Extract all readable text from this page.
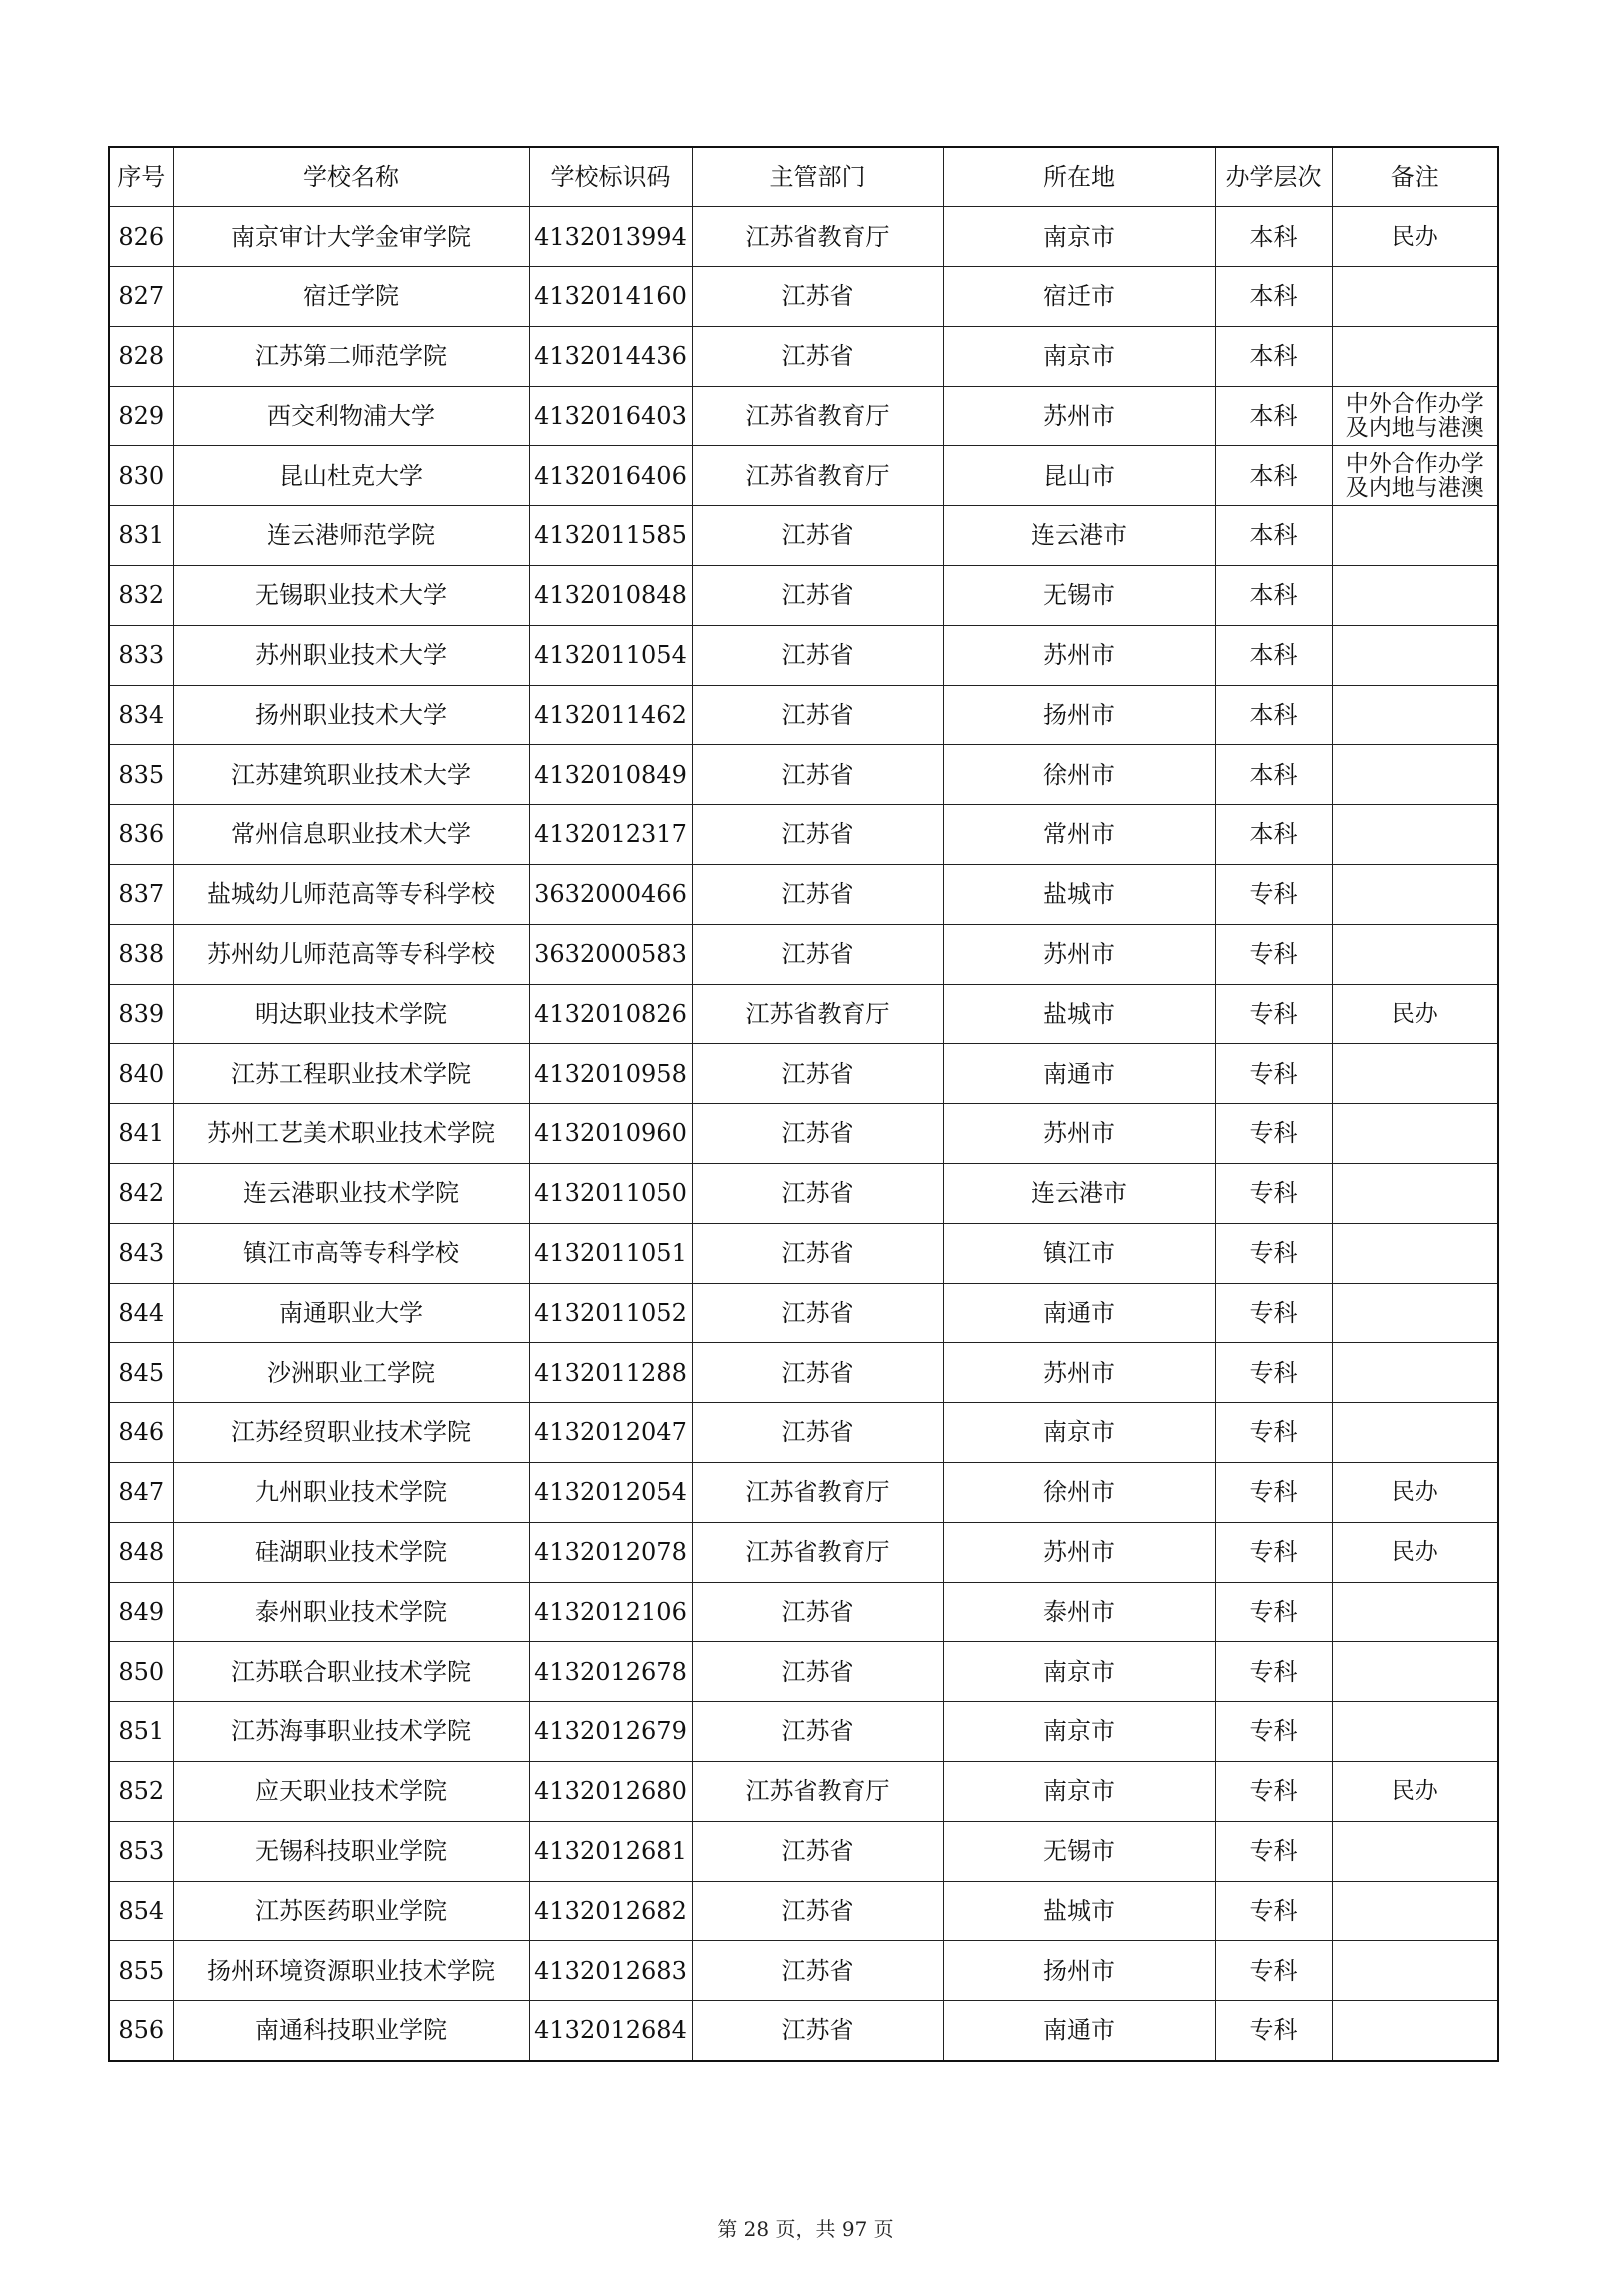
序号	学校名称	学校标识码	主管部门	所在地	办学层次	备注
826	南京审计大学金审学院	4132013994	江苏省教育厅	南京市	本科	民办
827	宿迁学院	4132014160	江苏省	宿迁市	本科	
828	江苏第二师范学院	4132014436	江苏省	南京市	本科	
829	西交利物浦大学	4132016403	江苏省教育厅	苏州市	本科	中外合作办学及内地与港澳
830	昆山杜克大学	4132016406	江苏省教育厅	昆山市	本科	中外合作办学及内地与港澳
831	连云港师范学院	4132011585	江苏省	连云港市	本科	
832	无锡职业技术大学	4132010848	江苏省	无锡市	本科	
833	苏州职业技术大学	4132011054	江苏省	苏州市	本科	
834	扬州职业技术大学	4132011462	江苏省	扬州市	本科	
835	江苏建筑职业技术大学	4132010849	江苏省	徐州市	本科	
836	常州信息职业技术大学	4132012317	江苏省	常州市	本科	
837	盐城幼儿师范高等专科学校	3632000466	江苏省	盐城市	专科	
838	苏州幼儿师范高等专科学校	3632000583	江苏省	苏州市	专科	
839	明达职业技术学院	4132010826	江苏省教育厅	盐城市	专科	民办
840	江苏工程职业技术学院	4132010958	江苏省	南通市	专科	
841	苏州工艺美术职业技术学院	4132010960	江苏省	苏州市	专科	
842	连云港职业技术学院	4132011050	江苏省	连云港市	专科	
843	镇江市高等专科学校	4132011051	江苏省	镇江市	专科	
844	南通职业大学	4132011052	江苏省	南通市	专科	
845	沙洲职业工学院	4132011288	江苏省	苏州市	专科	
846	江苏经贸职业技术学院	4132012047	江苏省	南京市	专科	
847	九州职业技术学院	4132012054	江苏省教育厅	徐州市	专科	民办
848	硅湖职业技术学院	4132012078	江苏省教育厅	苏州市	专科	民办
849	泰州职业技术学院	4132012106	江苏省	泰州市	专科	
850	江苏联合职业技术学院	4132012678	江苏省	南京市	专科	
851	江苏海事职业技术学院	4132012679	江苏省	南京市	专科	
852	应天职业技术学院	4132012680	江苏省教育厅	南京市	专科	民办
853	无锡科技职业学院	4132012681	江苏省	无锡市	专科	
854	江苏医药职业学院	4132012682	江苏省	盐城市	专科	
855	扬州环境资源职业技术学院	4132012683	江苏省	扬州市	专科	
856	南通科技职业学院	4132012684	江苏省	南通市	专科	
第 28 页，共 97 页
